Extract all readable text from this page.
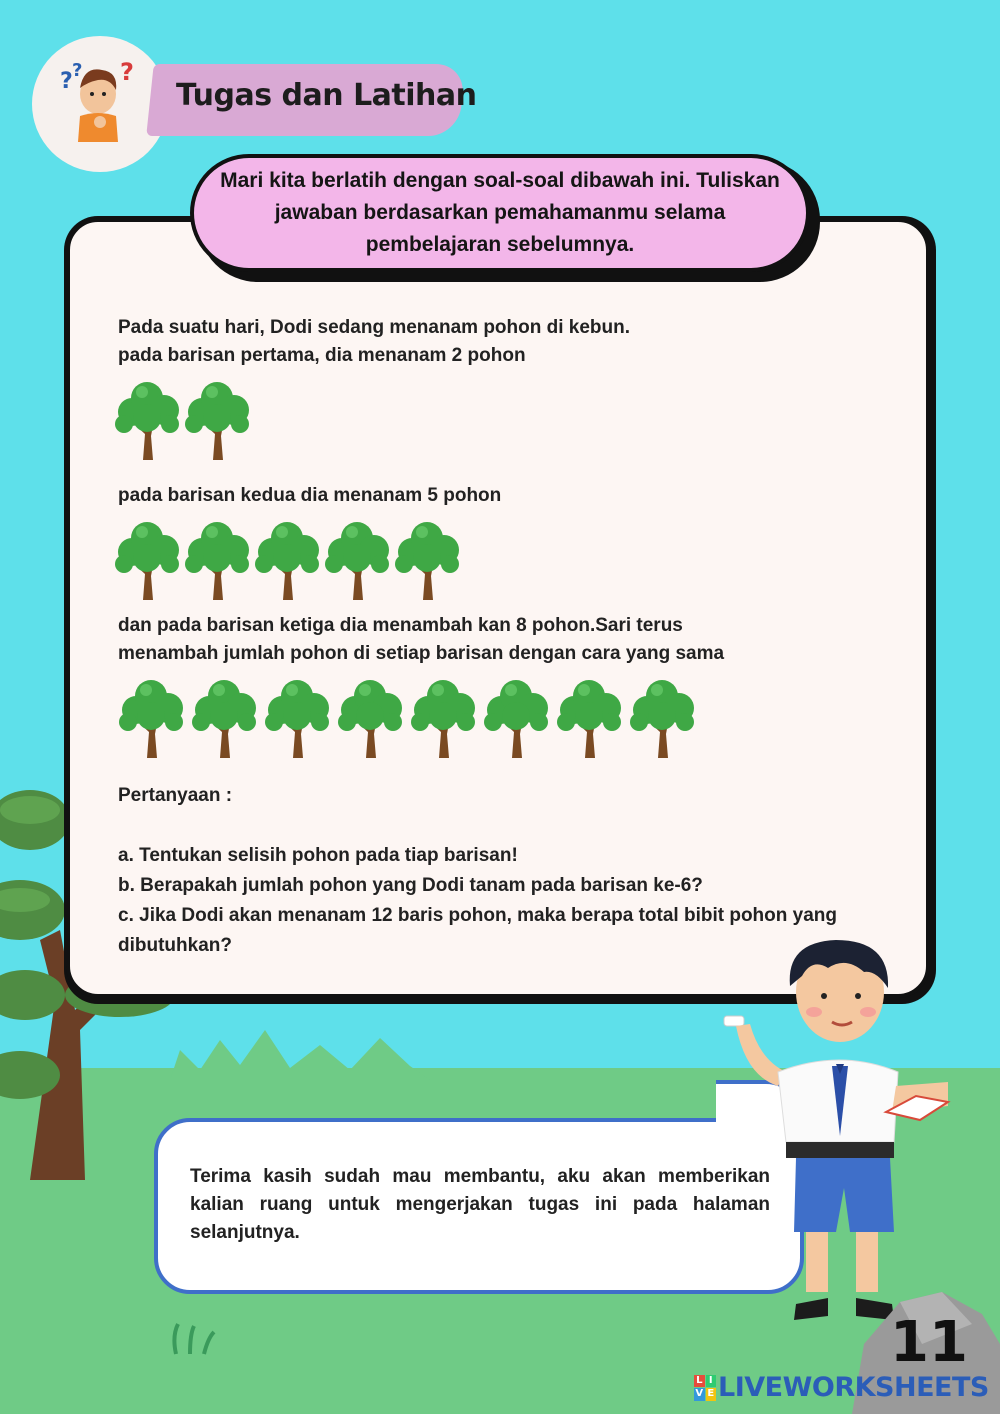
? ? ?
Tugas dan Latihan
Mari kita berlatih dengan soal-soal dibawah ini. Tuliskan jawaban berdasarkan pemahamanmu selama pembelajaran sebelumnya.
Pada suatu hari, Dodi sedang menanam pohon di kebun.
pada barisan pertama, dia menanam 2 pohon
pada barisan kedua dia menanam 5 pohon
dan pada barisan ketiga dia menambah kan 8 pohon.Sari terus
menambah jumlah pohon di setiap barisan dengan cara yang sama
Pertanyaan :
a. Tentukan selisih pohon pada tiap barisan!
b. Berapakah jumlah pohon yang Dodi tanam pada barisan ke-6?
c. Jika Dodi akan menanam 12 baris pohon, maka berapa total bibit pohon yang
dibutuhkan?
Terima kasih sudah mau membantu, aku akan memberikan kalian ruang untuk mengerjakan tugas ini pada halaman selanjutnya.
11
L I
V E LIVEWORKSHEETS
